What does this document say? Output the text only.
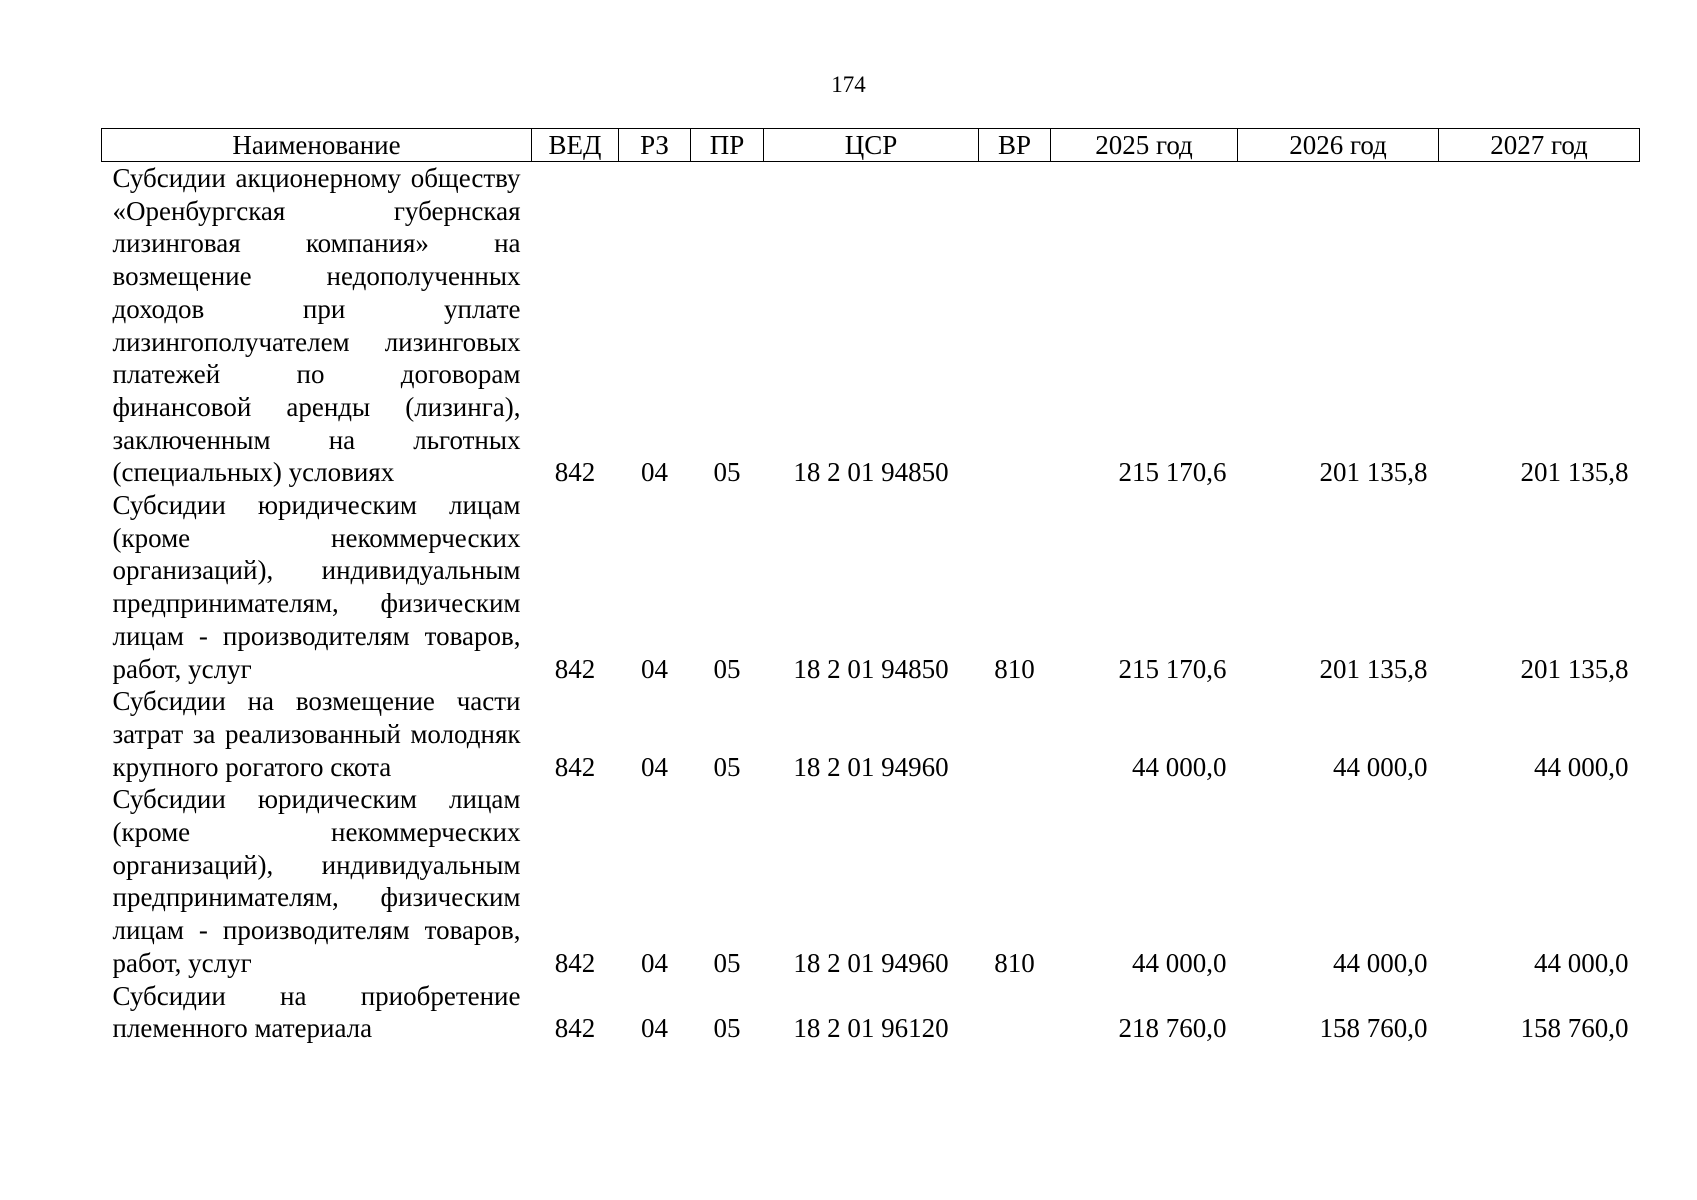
174
Наименование	ВЕД	РЗ	ПР	ЦСР	ВР	2025 год	2026 год	2027 год
Субсидии акционерному обществу «Оренбургская губернская лизинговая компания» на возмещение недополученных доходов при уплате лизингополучателем лизинговых платежей по договорам финансовой аренды (лизинга), заключенным на льготных (специальных) условиях	842	04	05	18 2 01 94850		215 170,6	201 135,8	201 135,8
Субсидии юридическим лицам (кроме некоммерческих организаций), индивидуальным предпринимателям, физическим лицам - производителям товаров, работ, услуг	842	04	05	18 2 01 94850	810	215 170,6	201 135,8	201 135,8
Субсидии на возмещение части затрат за реализованный молодняк крупного рогатого скота	842	04	05	18 2 01 94960		44 000,0	44 000,0	44 000,0
Субсидии юридическим лицам (кроме некоммерческих организаций), индивидуальным предпринимателям, физическим лицам - производителям товаров, работ, услуг	842	04	05	18 2 01 94960	810	44 000,0	44 000,0	44 000,0
Субсидии на приобретение племенного материала	842	04	05	18 2 01 96120		218 760,0	158 760,0	158 760,0
